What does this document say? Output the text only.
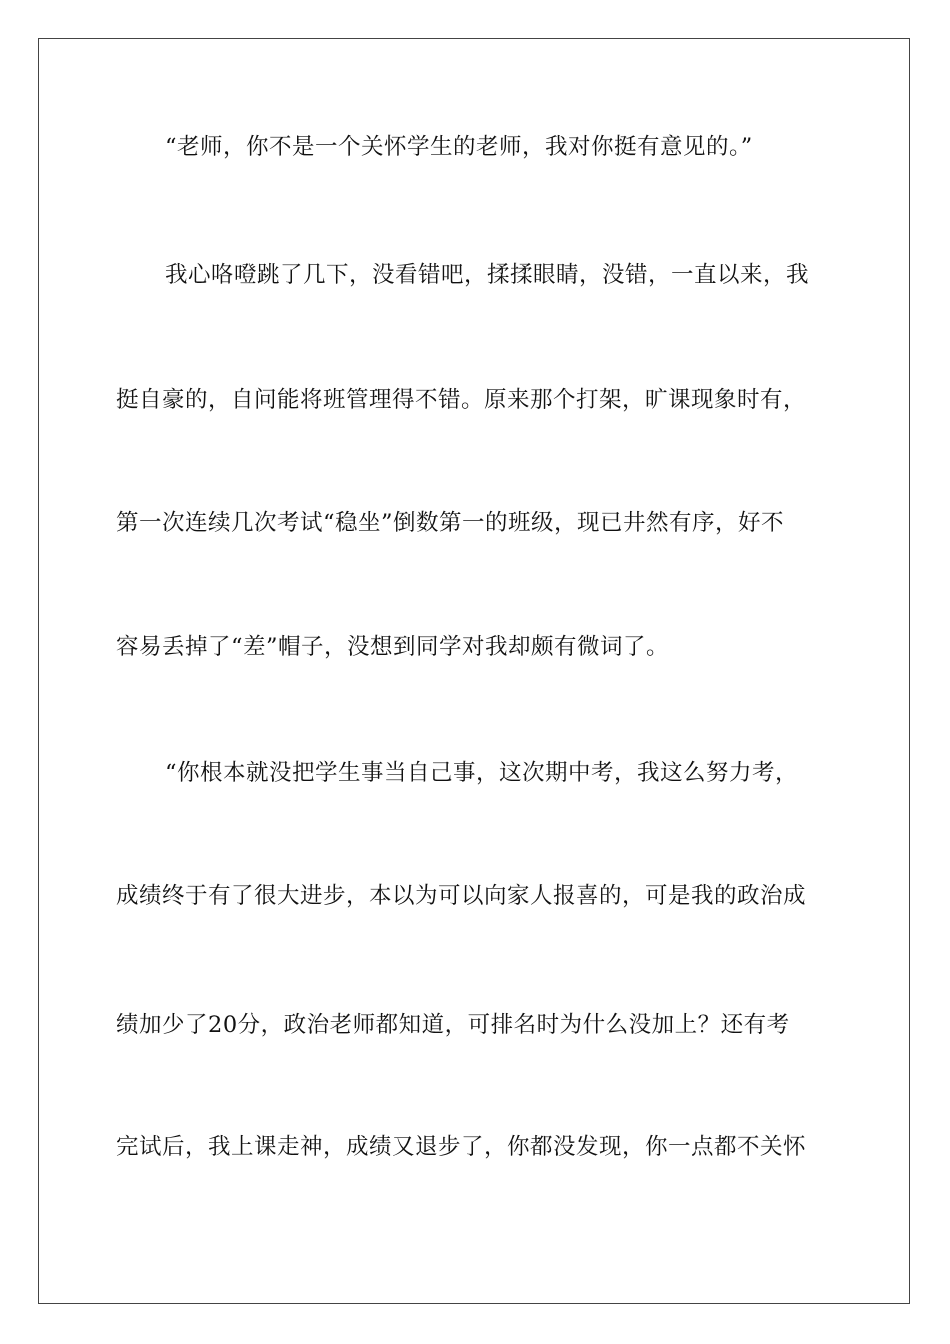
“老师，你不是一个关怀学生的老师，我对你挺有意见的。”
我心咯噔跳了几下，没看错吧，揉揉眼睛，没错，一直以来，我
挺自豪的，自问能将班管理得不错。原来那个打架，旷课现象时有，
第一次连续几次考试“稳坐”倒数第一的班级，现已井然有序，好不
容易丢掉了“差”帽子，没想到同学对我却颇有微词了。
“你根本就没把学生事当自己事，这次期中考，我这么努力考，
成绩终于有了很大进步，本以为可以向家人报喜的，可是我的政治成
绩加少了20分，政治老师都知道，可排名时为什么没加上？还有考
完试后，我上课走神，成绩又退步了，你都没发现，你一点都不关怀
